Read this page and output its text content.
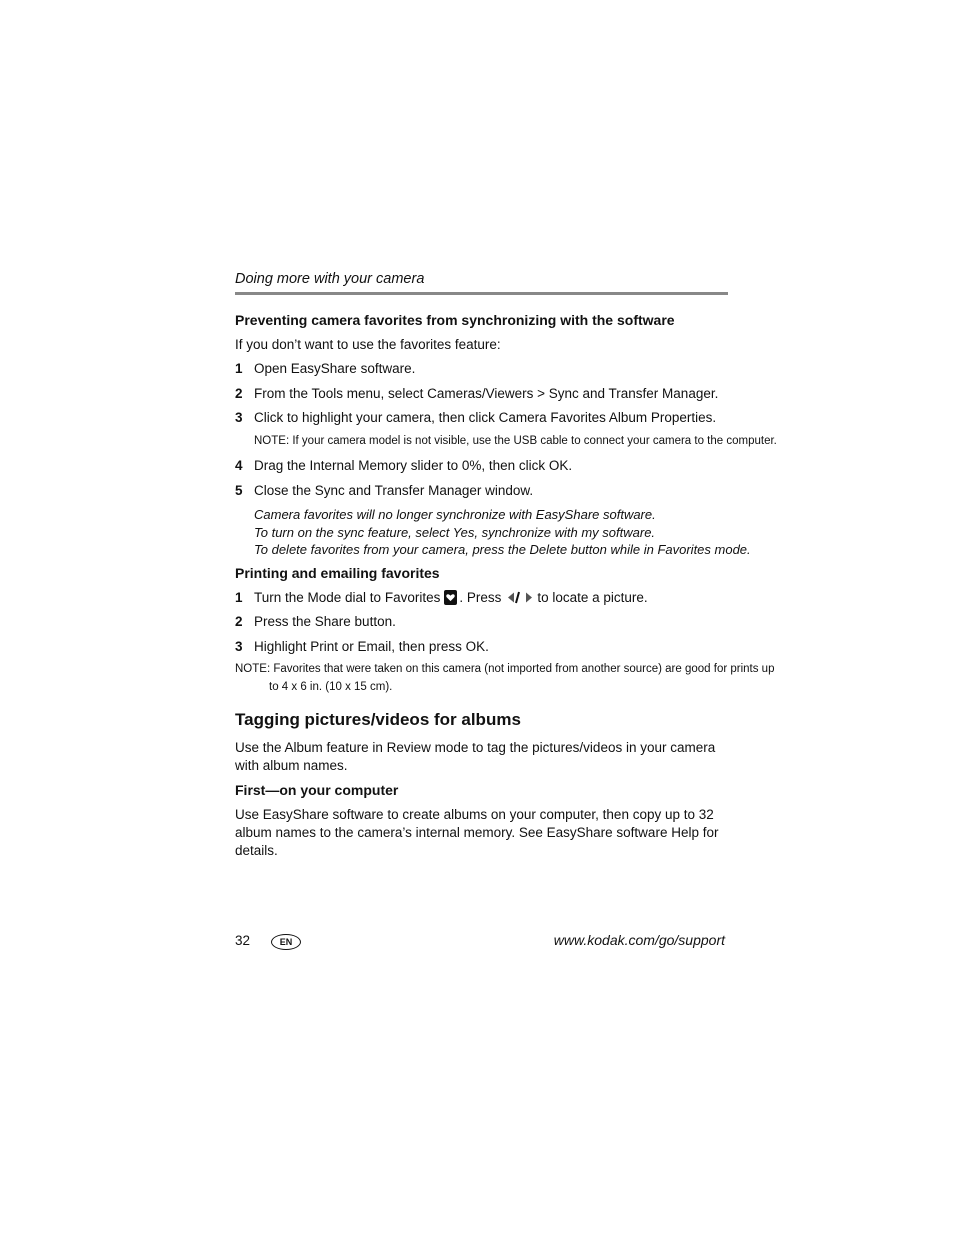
Doing more with your camera
Preventing camera favorites from synchronizing with the software
If you don’t want to use the favorites feature:
1 Open EasyShare software.
2 From the Tools menu, select Cameras/Viewers > Sync and Transfer Manager.
3 Click to highlight your camera, then click Camera Favorites Album Properties.
NOTE: If your camera model is not visible, use the USB cable to connect your camera to the computer.
4 Drag the Internal Memory slider to 0%, then click OK.
5 Close the Sync and Transfer Manager window.
Camera favorites will no longer synchronize with EasyShare software.
To turn on the sync feature, select Yes, synchronize with my software.
To delete favorites from your camera, press the Delete button while in Favorites mode.
Printing and emailing favorites
1 Turn the Mode dial to Favorites . Press	to locate a picture.
2 Press the Share button.
3 Highlight Print or Email, then press OK.
NOTE: Favorites that were taken on this camera (not imported from another source) are good for prints up
to 4 x 6 in. (10 x 15 cm).
Tagging pictures/videos for albums
Use the Album feature in Review mode to tag the pictures/videos in your camera with album names.
First—on your computer
Use EasyShare software to create albums on your computer, then copy up to 32 album names to the camera’s internal memory. See EasyShare software Help for details.
32	EN	www.kodak.com/go/support
